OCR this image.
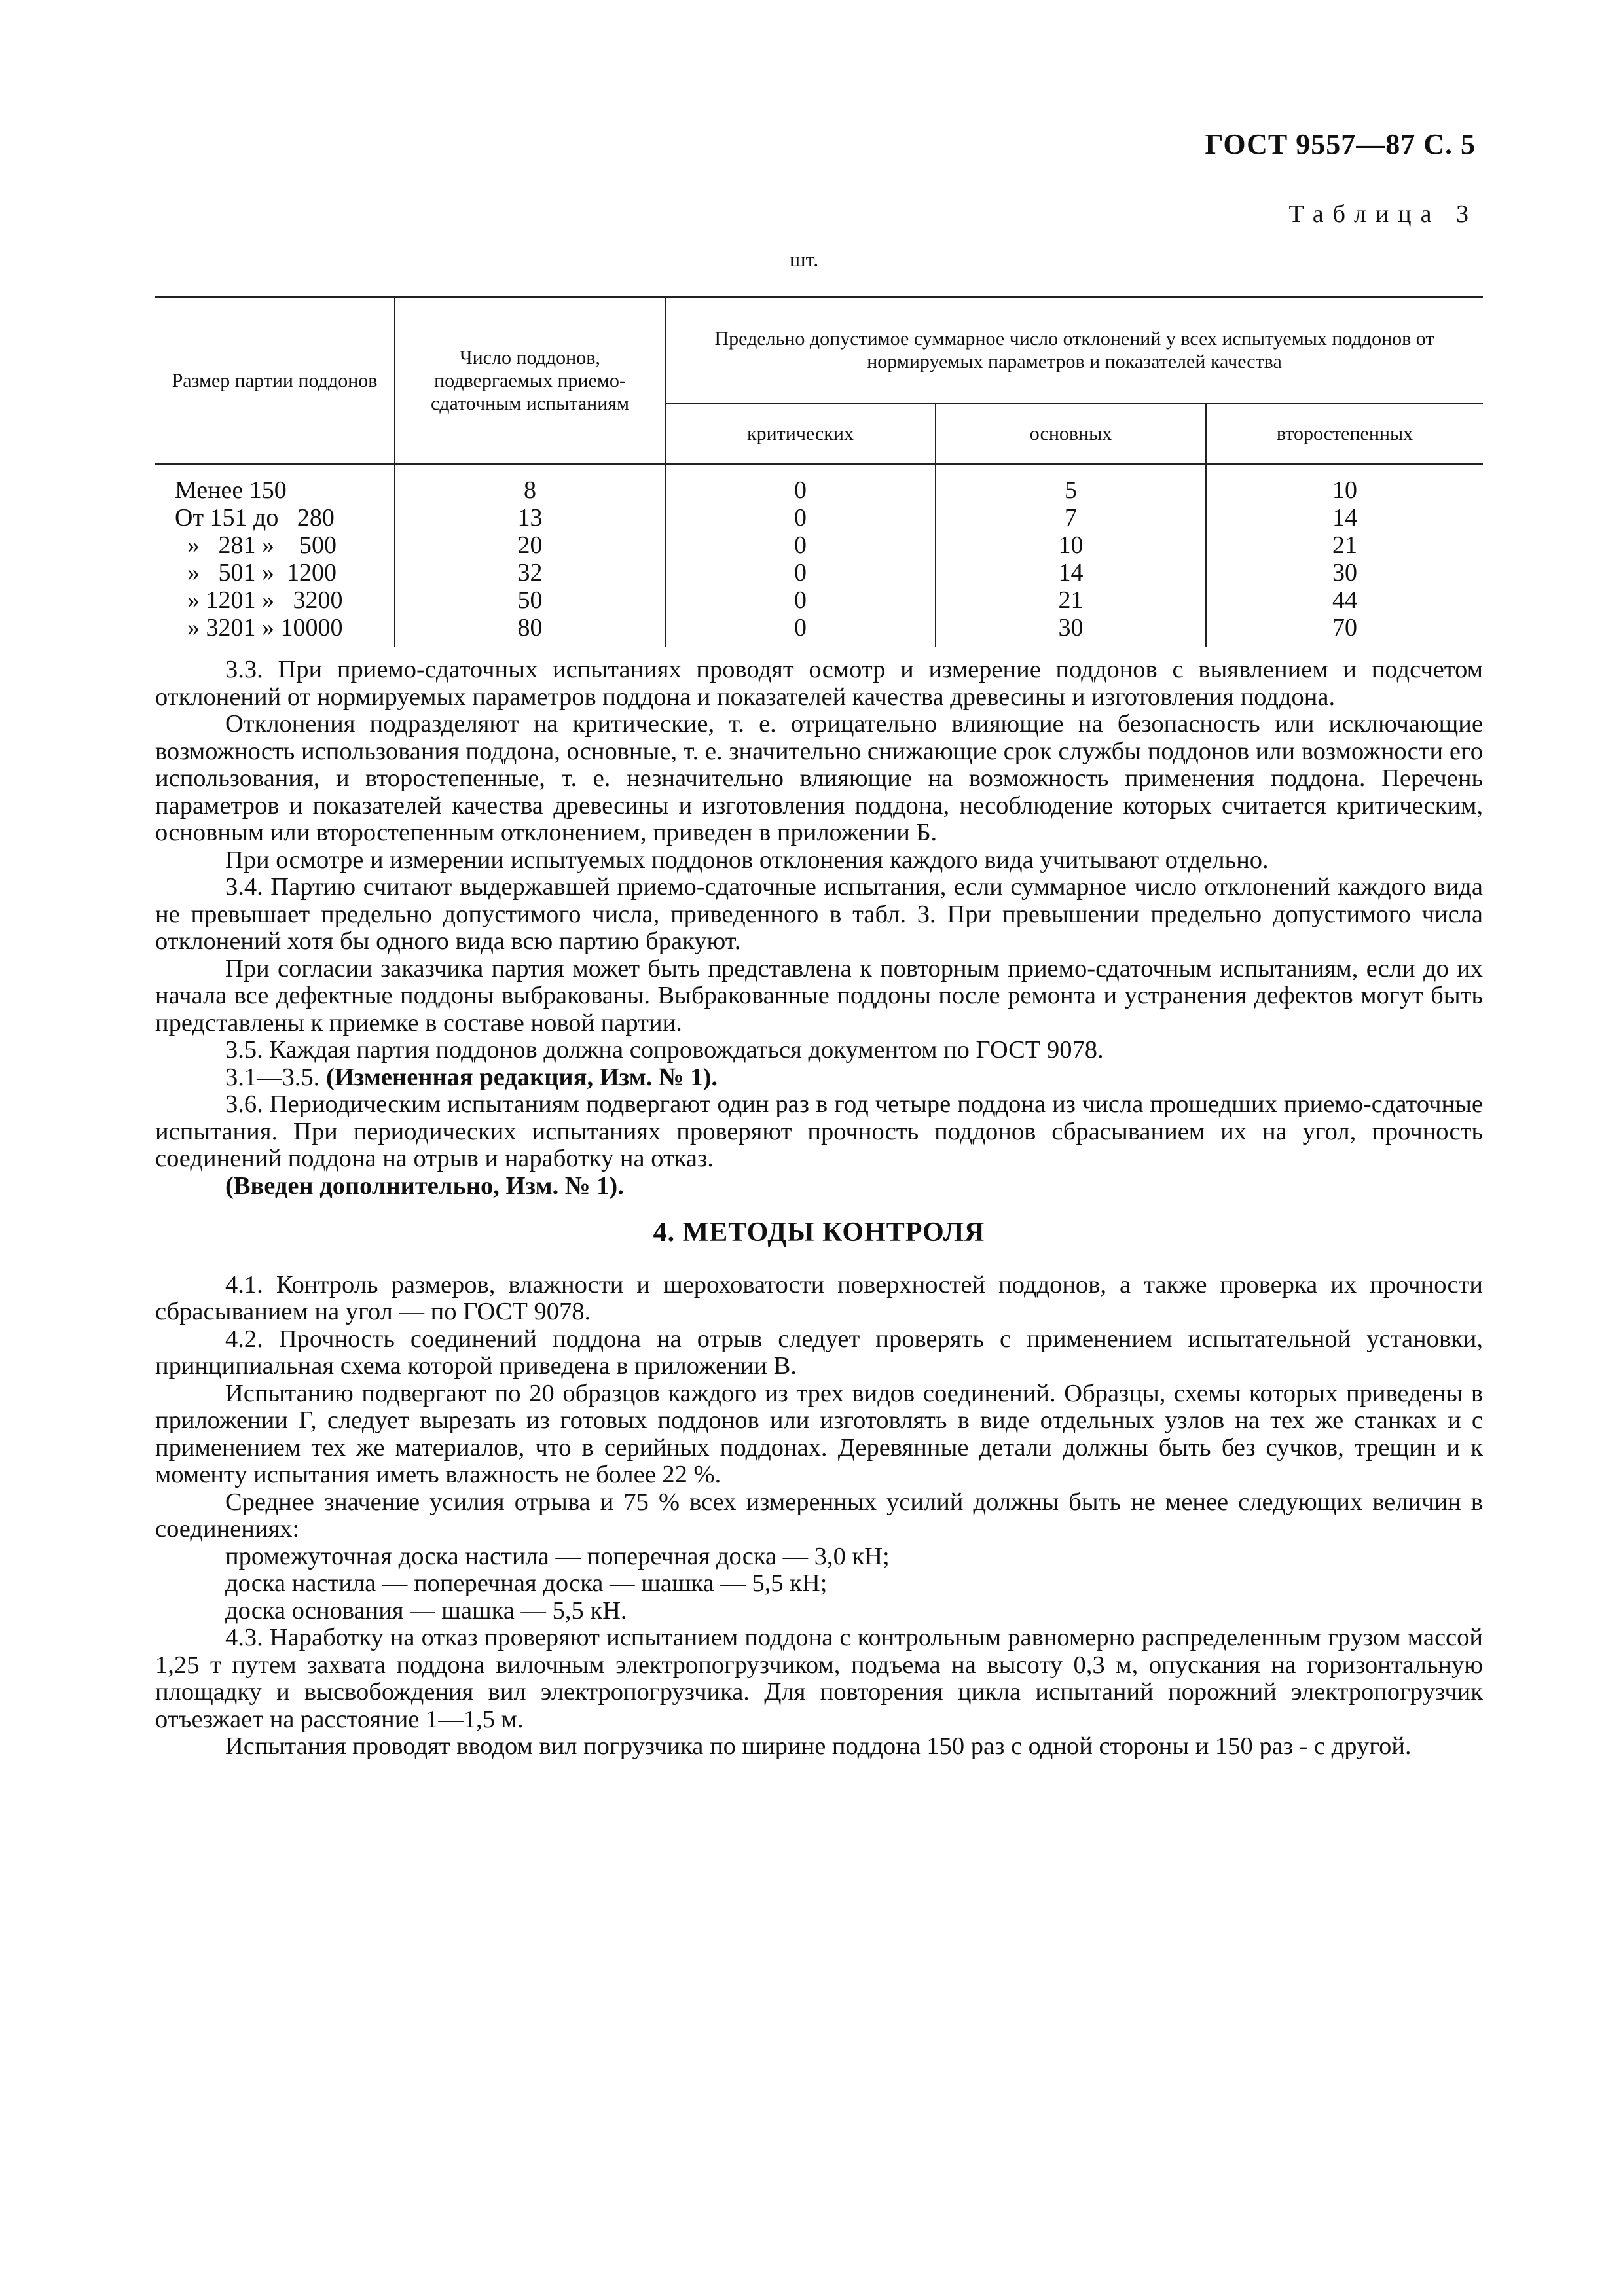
ГОСТ 9557—87 С. 5
Таблица 3
шт.
Размер партии поддонов	Число поддонов, подвергаемых приемо-сдаточным испытаниям	Предельно допустимое суммарное число отклонений у всех испытуемых поддонов от нормируемых параметров и показателей качества		
		критических	основных	второстепенных
Менее 150	8	0	5	10
От 151 до   280	13	0	7	14
»   281 »    500	20	0	10	21
»   501 »  1200	32	0	14	30
» 1201 »   3200	50	0	21	44
» 3201 » 10000	80	0	30	70

3.3. При приемо-сдаточных испытаниях проводят осмотр и измерение поддонов с выявлением и подсчетом отклонений от нормируемых параметров поддона и показателей качества древесины и изготовления поддона.

Отклонения подразделяют на критические, т. е. отрицательно влияющие на безопасность или исключающие возможность использования поддона, основные, т. е. значительно снижающие срок службы поддонов или возможности его использования, и второстепенные, т. е. незначительно влияющие на возможность применения поддона. Перечень параметров и показателей качества древесины и изготовления поддона, несоблюдение которых считается критическим, основным или второстепенным отклонением, приведен в приложении Б.

При осмотре и измерении испытуемых поддонов отклонения каждого вида учитывают отдельно.

3.4. Партию считают выдержавшей приемо-сдаточные испытания, если суммарное число отклонений каждого вида не превышает предельно допустимого числа, приведенного в табл. 3. При превышении предельно допустимого числа отклонений хотя бы одного вида всю партию бракуют.

При согласии заказчика партия может быть представлена к повторным приемо-сдаточным испытаниям, если до их начала все дефектные поддоны выбракованы. Выбракованные поддоны после ремонта и устранения дефектов могут быть представлены к приемке в составе новой партии.

3.5. Каждая партия поддонов должна сопровождаться документом по ГОСТ 9078.

3.1—3.5. (Измененная редакция, Изм. № 1).

3.6. Периодическим испытаниям подвергают один раз в год четыре поддона из числа прошедших приемо-сдаточные испытания. При периодических испытаниях проверяют прочность поддонов сбрасыванием их на угол, прочность соединений поддона на отрыв и наработку на отказ.

(Введен дополнительно, Изм. № 1).

4. МЕТОДЫ КОНТРОЛЯ

4.1. Контроль размеров, влажности и шероховатости поверхностей поддонов, а также проверка их прочности сбрасыванием на угол — по ГОСТ 9078.

4.2. Прочность соединений поддона на отрыв следует проверять с применением испытательной установки, принципиальная схема которой приведена в приложении В.

Испытанию подвергают по 20 образцов каждого из трех видов соединений. Образцы, схемы которых приведены в приложении Г, следует вырезать из готовых поддонов или изготовлять в виде отдельных узлов на тех же станках и с применением тех же материалов, что в серийных поддонах. Деревянные детали должны быть без сучков, трещин и к моменту испытания иметь влажность не более 22 %.

Среднее значение усилия отрыва и 75 % всех измеренных усилий должны быть не менее следующих величин в соединениях:

промежуточная доска настила — поперечная доска — 3,0 кН;

доска настила — поперечная доска — шашка — 5,5 кН;

доска основания — шашка — 5,5 кН.

4.3. Наработку на отказ проверяют испытанием поддона с контрольным равномерно распределенным грузом массой 1,25 т путем захвата поддона вилочным электропогрузчиком, подъема на высоту 0,3 м, опускания на горизонтальную площадку и высвобождения вил электропогрузчика. Для повторения цикла испытаний порожний электропогрузчик отъезжает на расстояние 1—1,5 м.

Испытания проводят вводом вил погрузчика по ширине поддона 150 раз с одной стороны и 150 раз - с другой.
